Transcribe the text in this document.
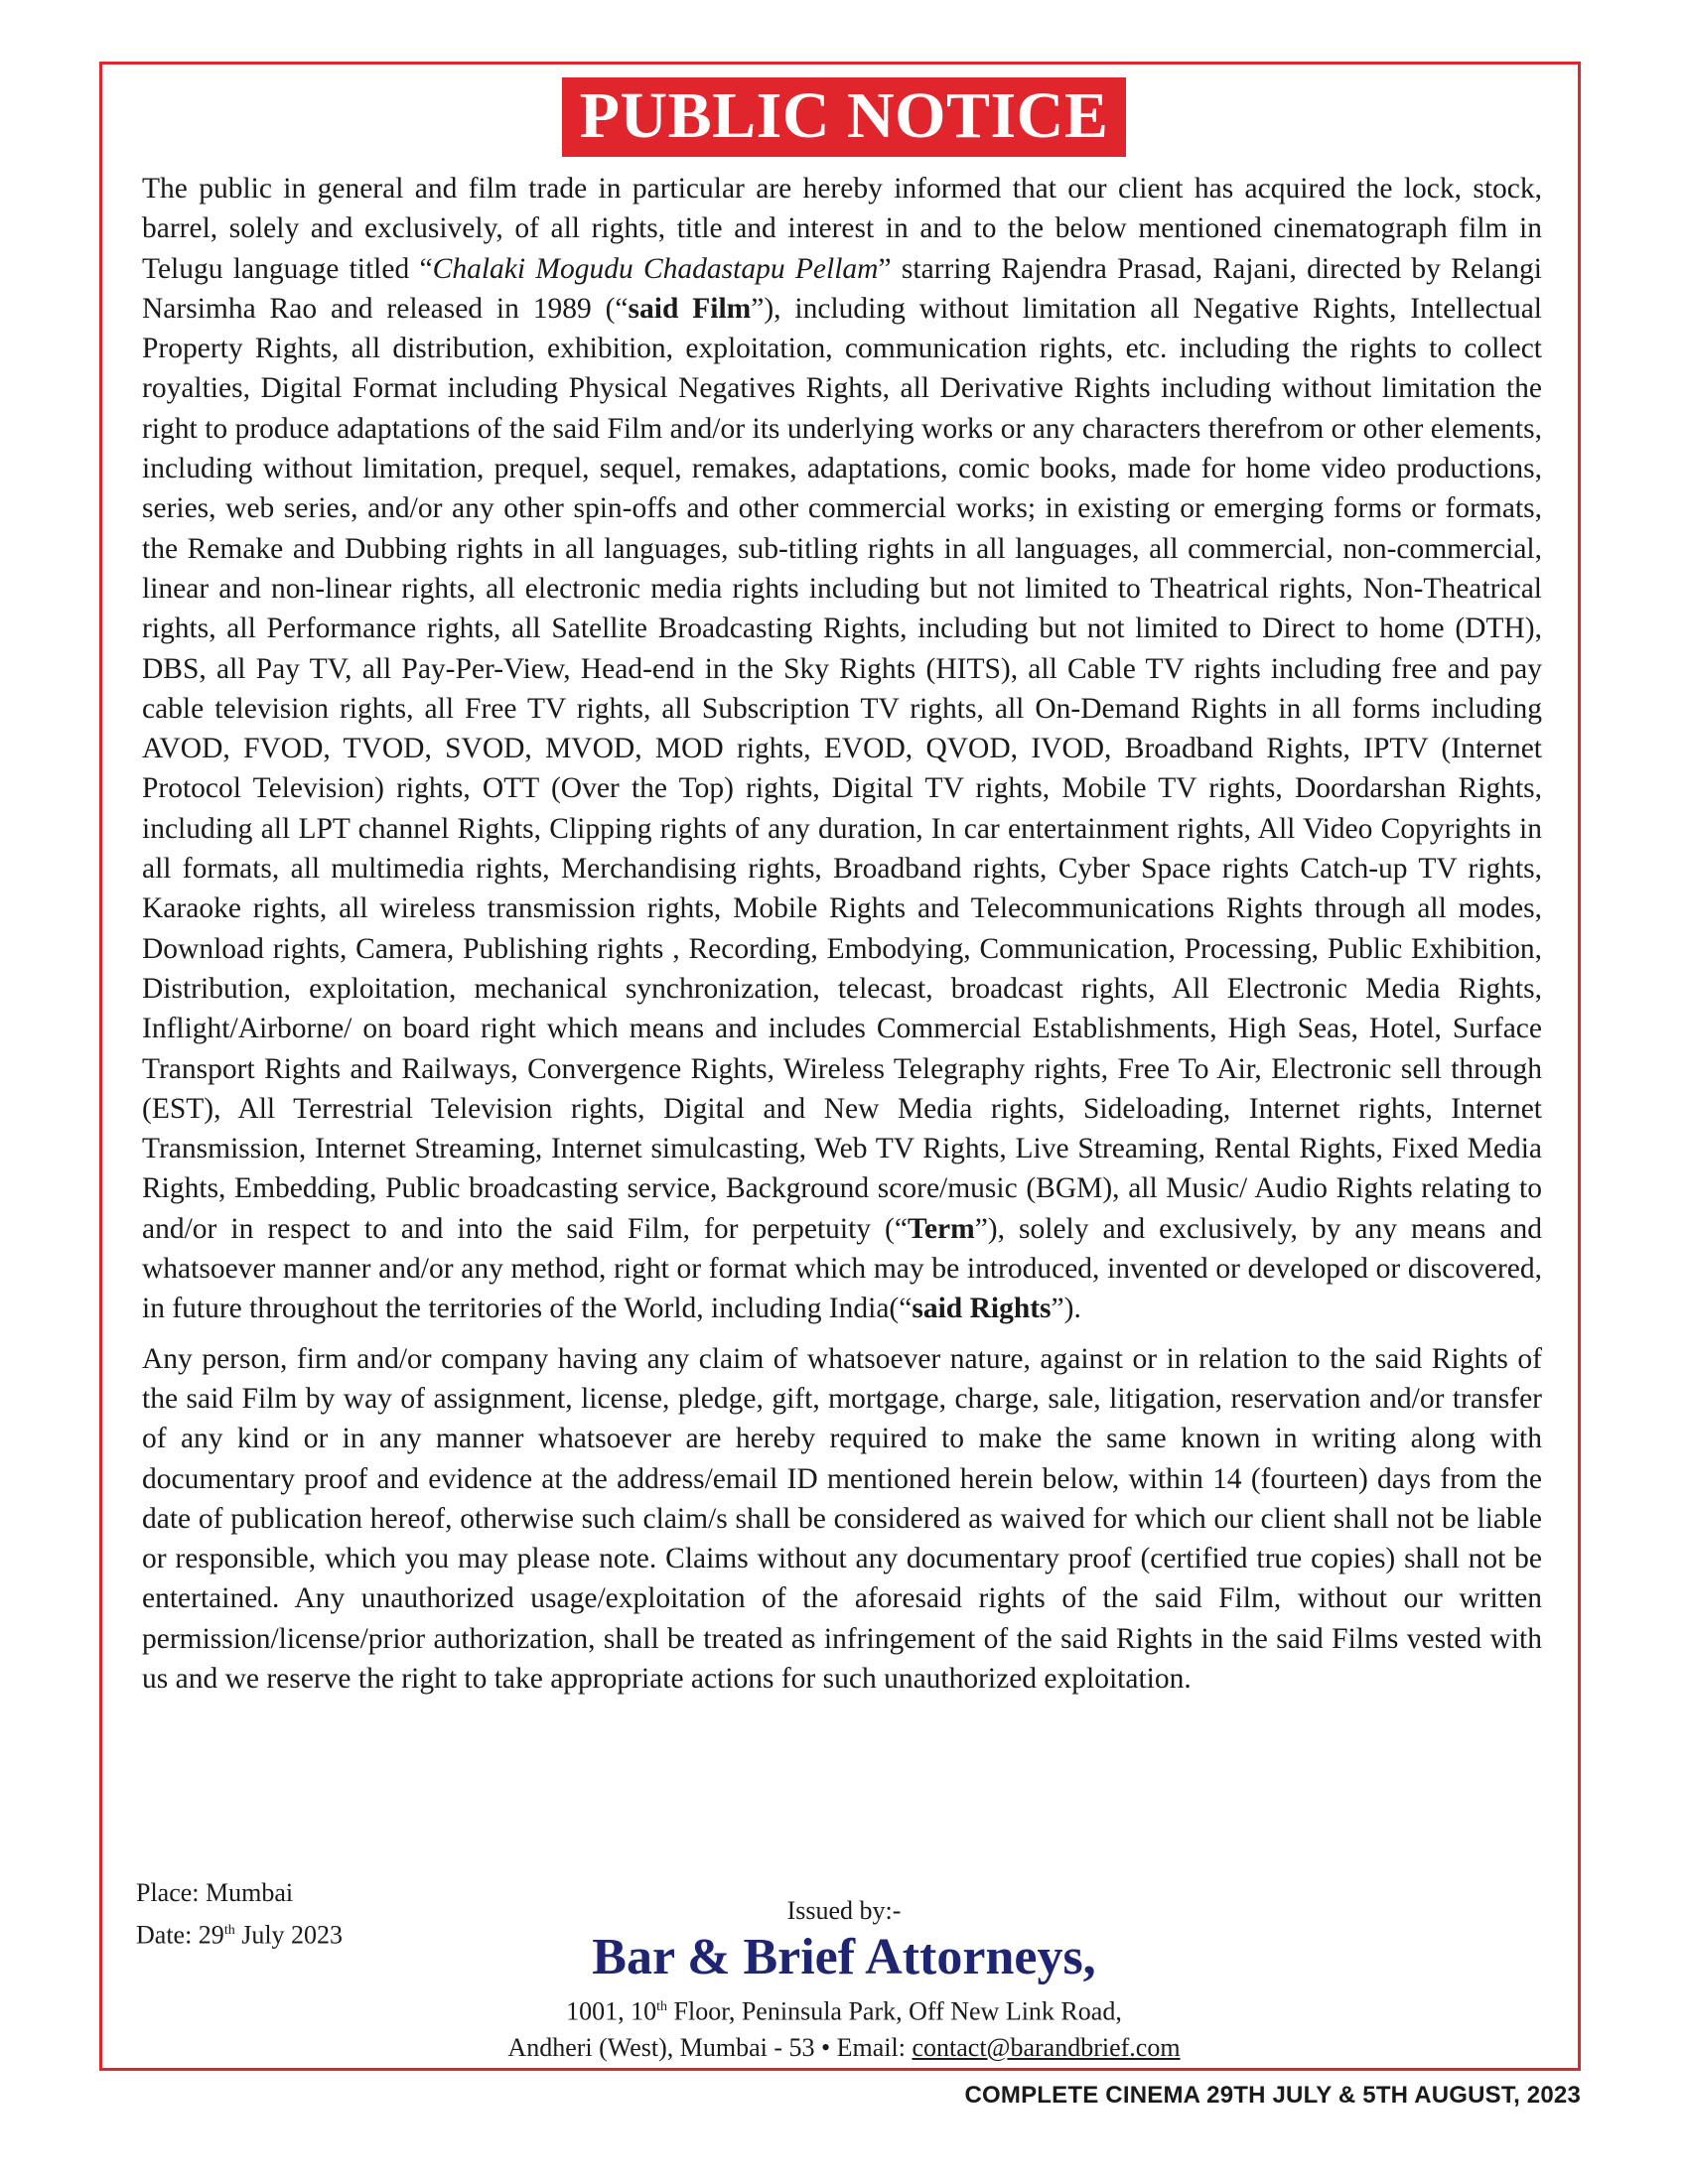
PUBLIC NOTICE

The public in general and film trade in particular are hereby informed that our client has acquired the lock, stock, barrel, solely and exclusively, of all rights, title and interest in and to the below mentioned cinematograph film in Telugu language titled “Chalaki Mogudu Chadastapu Pellam” starring Rajendra Prasad, Rajani, directed by Relangi Narsimha Rao and released in 1989 (“said Film”), including without limitation all Negative Rights, Intellectual Property Rights, all distribution, exhibition, exploitation, communication rights, etc. including the rights to collect royalties, Digital Format including Physical Negatives Rights, all Derivative Rights including without limitation the right to produce adaptations of the said Film and/or its underlying works or any characters therefrom or other elements, including without limitation, prequel, sequel, remakes, adaptations, comic books, made for home video productions, series, web series, and/or any other spin-offs and other commercial works; in existing or emerging forms or formats, the Remake and Dubbing rights in all languages, sub-titling rights in all languages, all commercial, non-commercial, linear and non-linear rights, all electronic media rights including but not limited to Theatrical rights, Non-Theatrical rights, all Performance rights, all Satellite Broadcasting Rights, including but not limited to Direct to home (DTH), DBS, all Pay TV, all Pay-Per-View, Head-end in the Sky Rights (HITS), all Cable TV rights including free and pay cable television rights, all Free TV rights, all Subscription TV rights, all On-Demand Rights in all forms including AVOD, FVOD, TVOD, SVOD, MVOD, MOD rights, EVOD, QVOD, IVOD, Broadband Rights, IPTV (Internet Protocol Television) rights, OTT (Over the Top) rights, Digital TV rights, Mobile TV rights, Doordarshan Rights, including all LPT channel Rights, Clipping rights of any duration, In car entertainment rights, All Video Copyrights in all formats, all multimedia rights, Merchandising rights, Broadband rights, Cyber Space rights Catch-up TV rights, Karaoke rights, all wireless transmission rights, Mobile Rights and Telecommunications Rights through all modes, Download rights, Camera, Publishing rights , Recording, Embodying, Communication, Processing, Public Exhibition, Distribution, exploitation, mechanical synchronization, telecast, broadcast rights, All Electronic Media Rights, Inflight/Airborne/ on board right which means and includes Commercial Establishments, High Seas, Hotel, Surface Transport Rights and Railways, Convergence Rights, Wireless Telegraphy rights, Free To Air, Electronic sell through (EST), All Terrestrial Television rights, Digital and New Media rights, Sideloading, Internet rights, Internet Transmission, Internet Streaming, Internet simulcasting, Web TV Rights, Live Streaming, Rental Rights, Fixed Media Rights, Embedding, Public broadcasting service, Background score/music (BGM), all Music/ Audio Rights relating to and/or in respect to and into the said Film, for perpetuity (“Term”), solely and exclusively, by any means and whatsoever manner and/or any method, right or format which may be introduced, invented or developed or discovered, in future throughout the territories of the World, including India(“said Rights”).

Any person, firm and/or company having any claim of whatsoever nature, against or in relation to the said Rights of the said Film by way of assignment, license, pledge, gift, mortgage, charge, sale, litigation, reservation and/or transfer of any kind or in any manner whatsoever are hereby required to make the same known in writing along with documentary proof and evidence at the address/email ID mentioned herein below, within 14 (fourteen) days from the date of publication hereof, otherwise such claim/s shall be considered as waived for which our client shall not be liable or responsible, which you may please note. Claims without any documentary proof (certified true copies) shall not be entertained. Any unauthorized usage/exploitation of the aforesaid rights of the said Film, without our written permission/license/prior authorization, shall be treated as infringement of the said Rights in the said Films vested with us and we reserve the right to take appropriate actions for such unauthorized exploitation.

Place: Mumbai
Date: 29th July 2023
Issued by:-
Bar & Brief Attorneys,
1001, 10th Floor, Peninsula Park, Off New Link Road,
Andheri (West), Mumbai - 53 • Email: contact@barandbrief.com
COMPLETE CINEMA 29TH JULY & 5TH AUGUST, 2023
